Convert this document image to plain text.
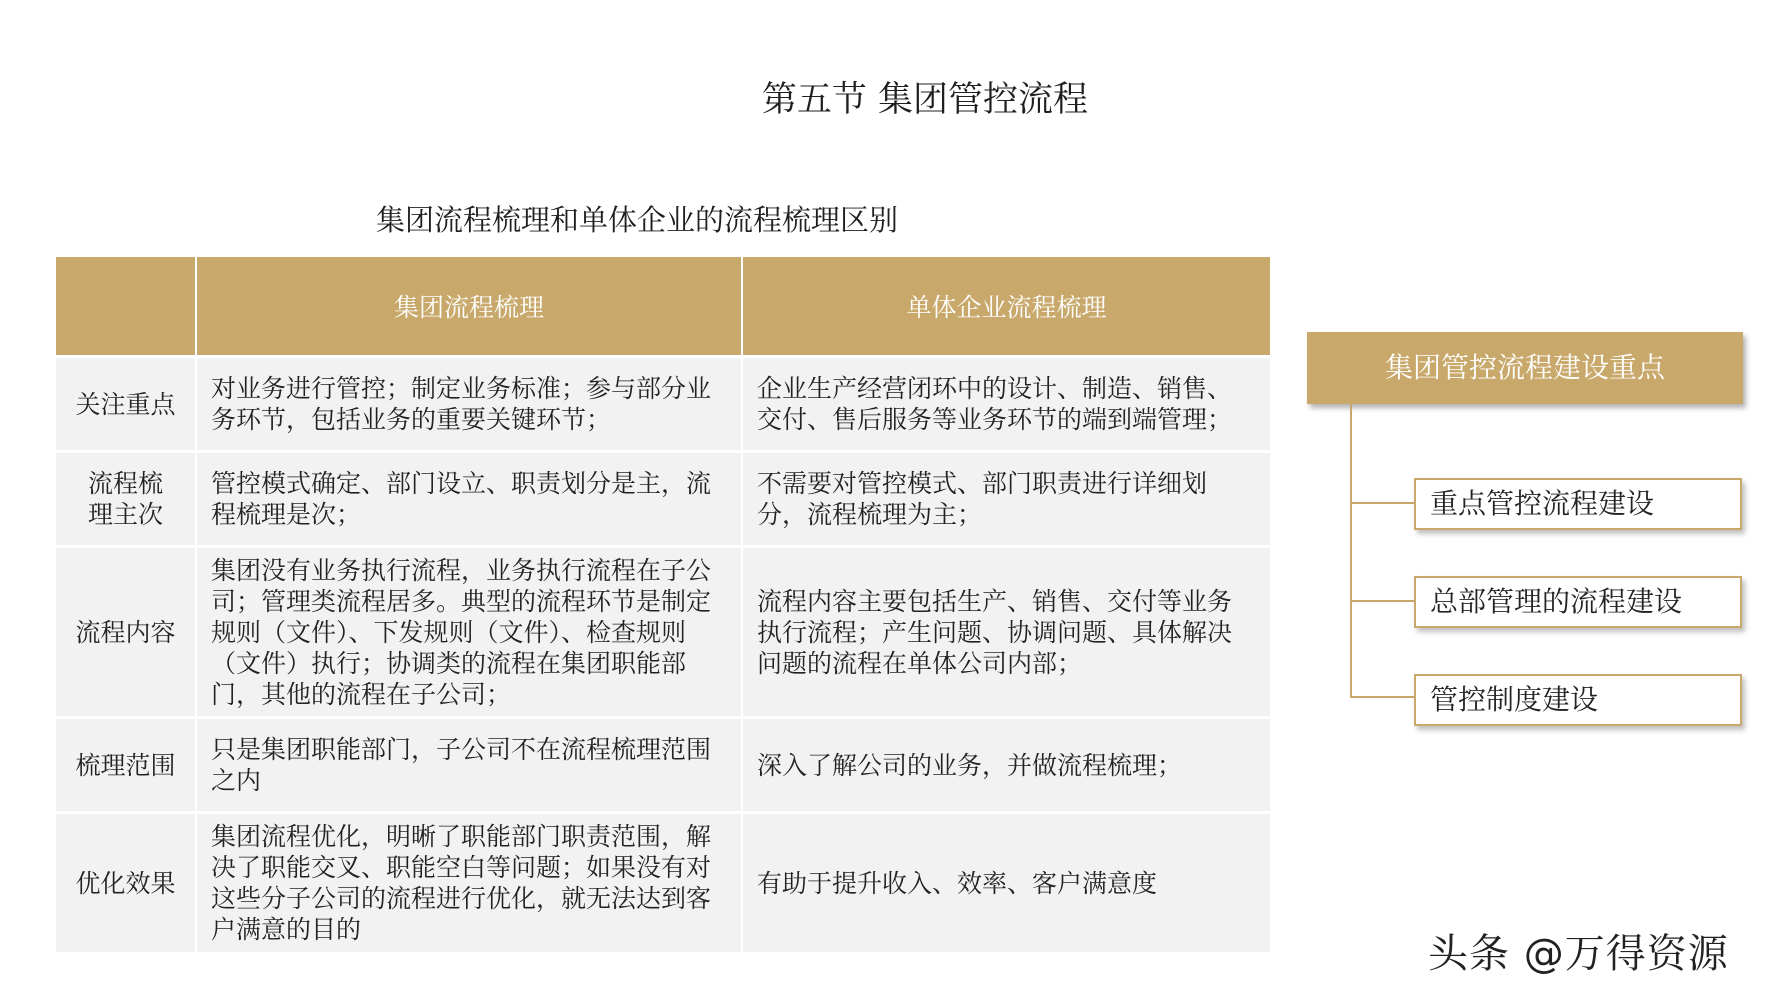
第五节 集团管控流程
集团流程梳理和单体企业的流程梳理区别
	集团流程梳理	单体企业流程梳理
关注重点	对业务进行管控；制定业务标准；参与部分业务环节，包括业务的重要关键环节；	企业生产经营闭环中的设计、制造、销售、交付、售后服务等业务环节的端到端管理；
流程梳理主次	管控模式确定、部门设立、职责划分是主，流程梳理是次；	不需要对管控模式、部门职责进行详细划分，流程梳理为主；
流程内容	集团没有业务执行流程，业务执行流程在子公司；管理类流程居多。典型的流程环节是制定规则（文件）、下发规则（文件）、检查规则（文件）执行；协调类的流程在集团职能部门，其他的流程在子公司；	流程内容主要包括生产、销售、交付等业务执行流程；产生问题、协调问题、具体解决问题的流程在单体公司内部；
梳理范围	只是集团职能部门，子公司不在流程梳理范围之内	深入了解公司的业务，并做流程梳理；
优化效果	集团流程优化，明晰了职能部门职责范围，解决了职能交叉、职能空白等问题；如果没有对这些分子公司的流程进行优化，就无法达到客户满意的目的	有助于提升收入、效率、客户满意度
集团管控流程建设重点
重点管控流程建设
总部管理的流程建设
管控制度建设
头条 @万得资源
